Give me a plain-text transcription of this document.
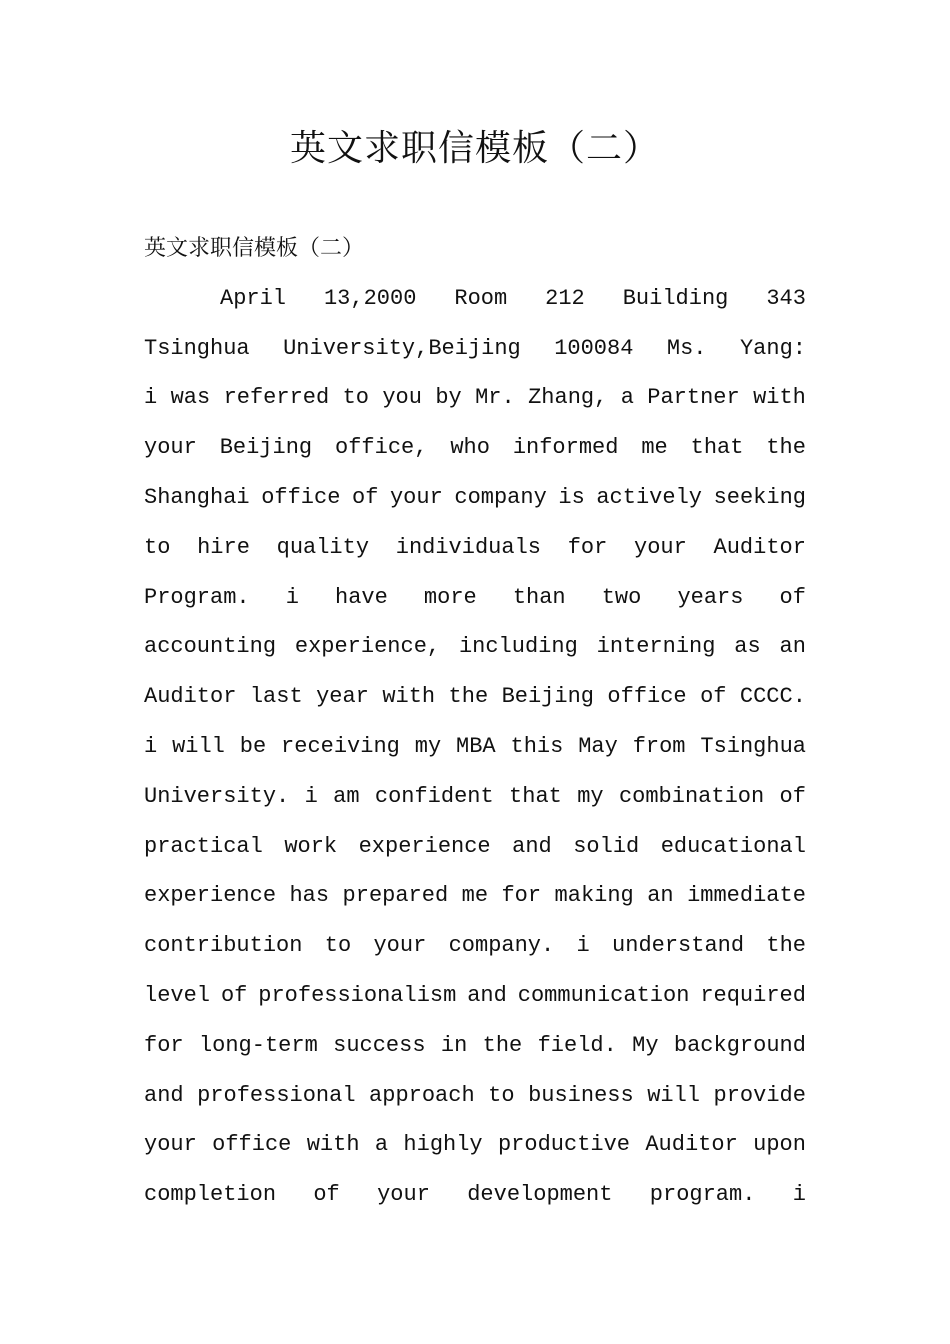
英文求职信模板（二）
英文求职信模板（二）
April 13,2000 Room 212 Building 343
Tsinghua University,Beijing 100084 Ms. Yang:
i was referred to you by Mr. Zhang, a Partner with
your Beijing office, who informed me that the
Shanghai office of your company is actively seeking
to hire quality individuals for your Auditor
Program. i have more than two years of
accounting experience, including interning as an
Auditor last year with the Beijing office of CCCC.
i will be receiving my MBA this May from Tsinghua
University. i am confident that my combination of
practical work experience and solid educational
experience has prepared me for making an immediate
contribution to your company. i understand the
level of professionalism and communication required
for long-term success in the field. My background
and professional approach to business will provide
your office with a highly productive Auditor upon
completion of your development program. i
